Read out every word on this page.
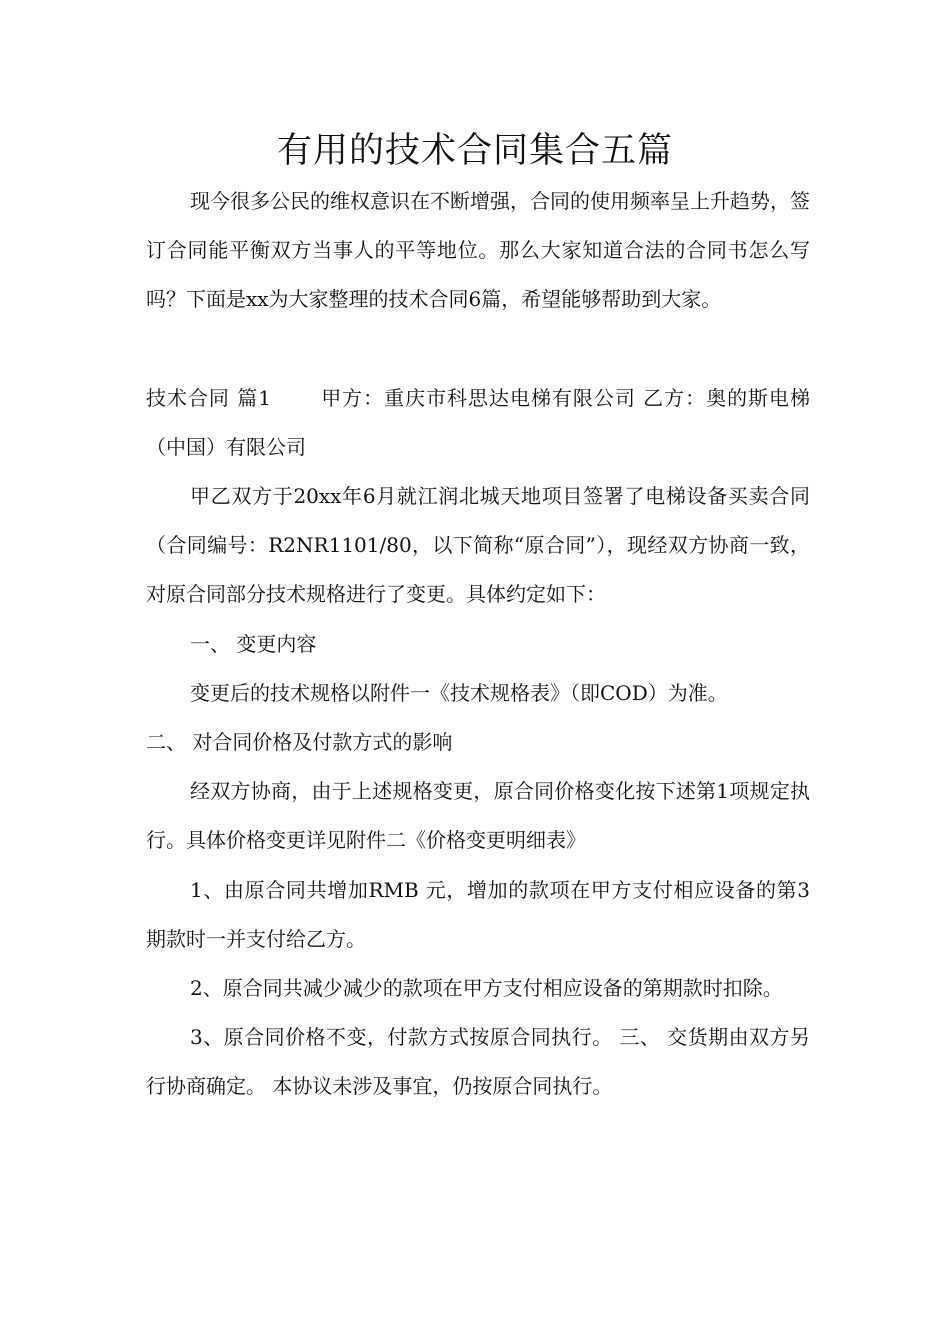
有用的技术合同集合五篇

现今很多公民的维权意识在不断增强，合同的使用频率呈上升趋势，签订合同能平衡双方当事人的平等地位。那么大家知道合法的合同书怎么写吗？下面是xx为大家整理的技术合同6篇，希望能够帮助到大家。

技术合同 篇1　　 甲方：重庆市科思达电梯有限公司 乙方：奥的斯电梯（中国）有限公司

甲乙双方于20xx年6月就江润北城天地项目签署了电梯设备买卖合同（合同编号：R2NR1101/80，以下简称“原合同”），现经双方协商一致，对原合同部分技术规格进行了变更。具体约定如下：

一、 变更内容

变更后的技术规格以附件一《技术规格表》（即COD）为准。

二、 对合同价格及付款方式的影响

经双方协商，由于上述规格变更，原合同价格变化按下述第1项规定执行。具体价格变更详见附件二《价格变更明细表》

1、由原合同共增加RMB 元，增加的款项在甲方支付相应设备的第3期款时一并支付给乙方。

2、原合同共减少减少的款项在甲方支付相应设备的第期款时扣除。

3、原合同价格不变，付款方式按原合同执行。 三、 交货期由双方另行协商确定。 本协议未涉及事宜，仍按原合同执行。
